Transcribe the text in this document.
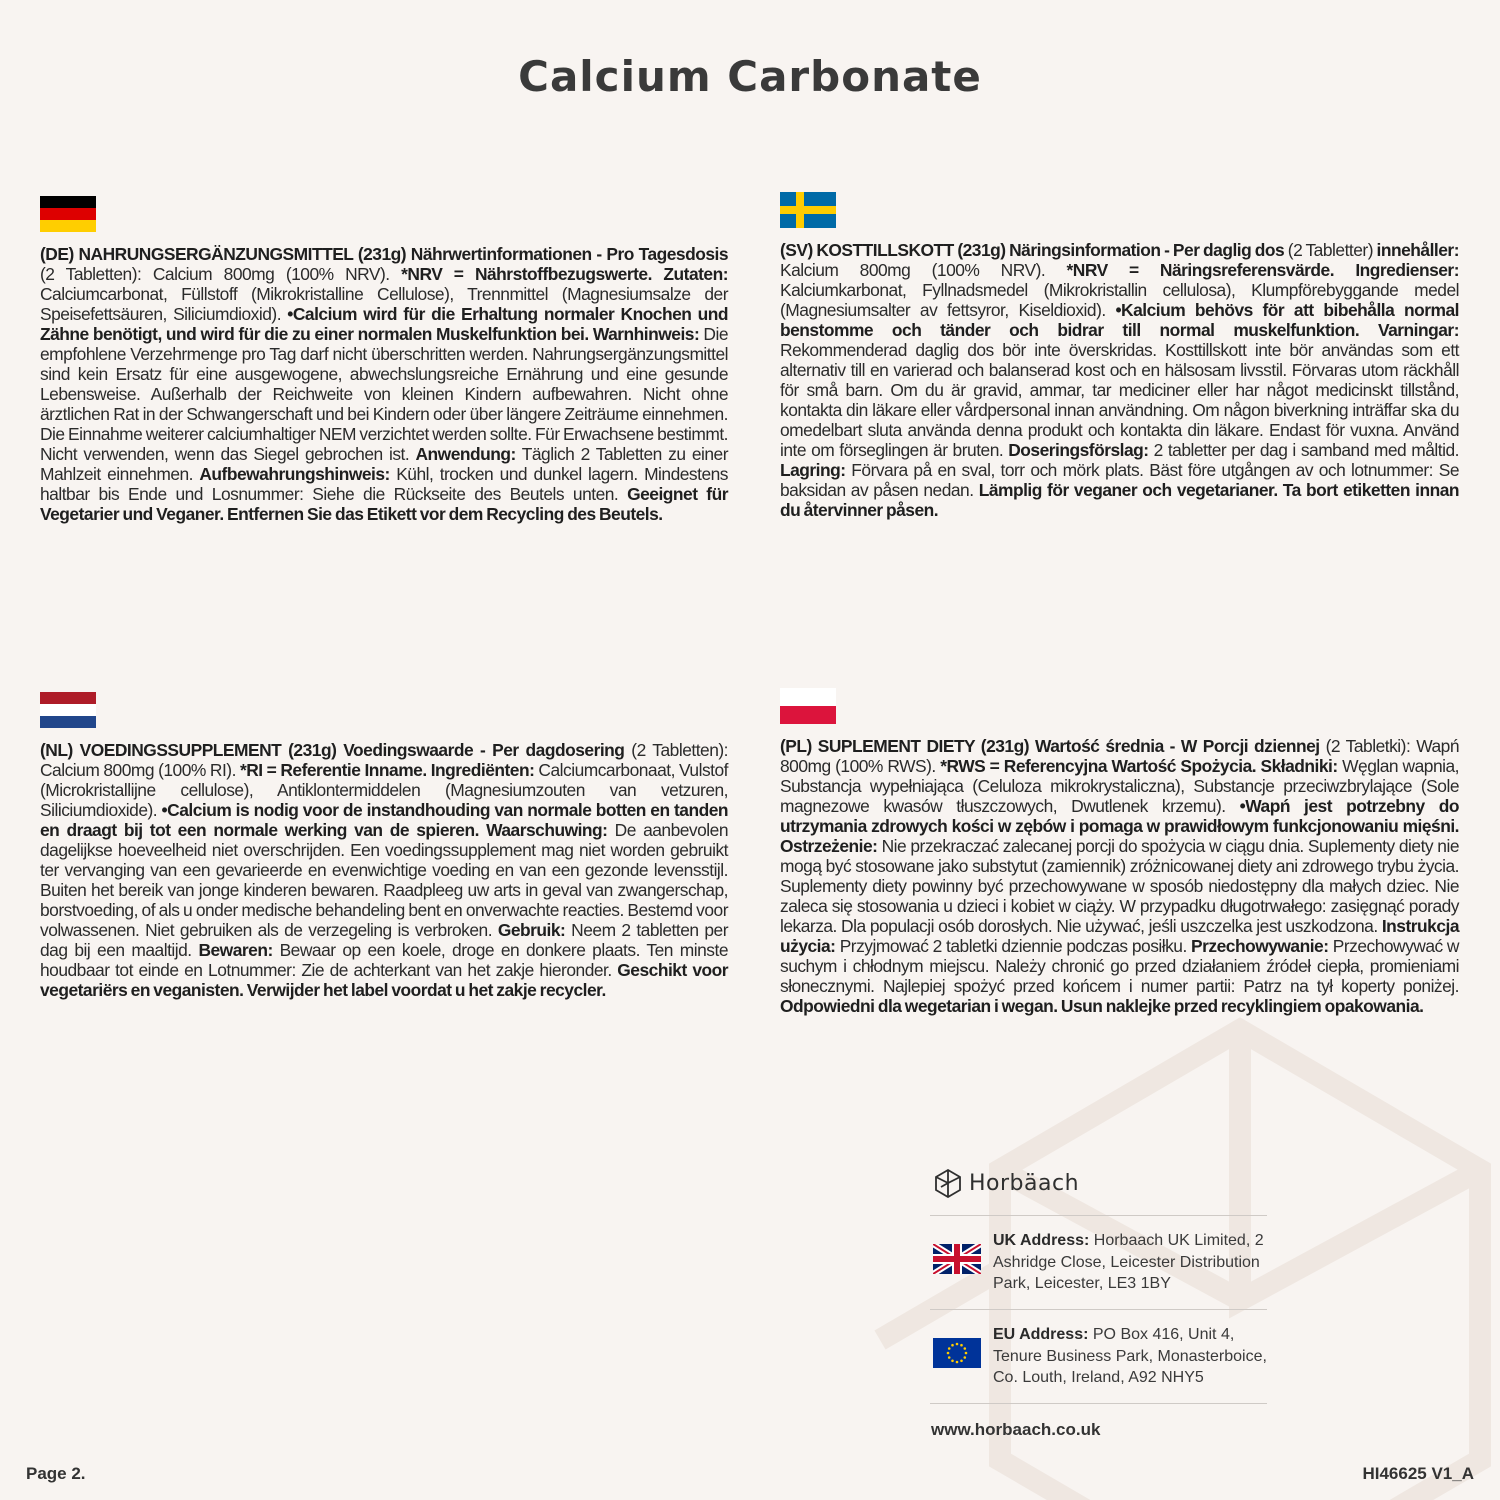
Calcium Carbonate
(DE) NAHRUNGSERGÄNZUNGSMITTEL (231g) Nährwertinformationen - Pro Tagesdosis (2 Tabletten): Calcium 800mg (100% NRV). *NRV = Nährstoffbezugswerte. Zutaten: Calciumcarbonat, Füllstoff (Mikrokristalline Cellulose), Trennmittel (Magnesiumsalze der Speisefettsäuren, Siliciumdioxid). •Calcium wird für die Erhaltung normaler Knochen und Zähne benötigt, und wird für die zu einer normalen Muskelfunktion bei. Warnhinweis: Die empfohlene Verzehrmenge pro Tag darf nicht überschritten werden. Nahrungsergänzungsmittel sind kein Ersatz für eine ausgewogene, abwechslungsreiche Ernährung und eine gesunde Lebensweise. Außerhalb der Reichweite von kleinen Kindern aufbewahren. Nicht ohne ärztlichen Rat in der Schwangerschaft und bei Kindern oder über längere Zeiträume einnehmen. Die Einnahme weiterer calciumhaltiger NEM verzichtet werden sollte. Für Erwachsene bestimmt. Nicht verwenden, wenn das Siegel gebrochen ist. Anwendung: Täglich 2 Tabletten zu einer Mahlzeit einnehmen. Aufbewahrungshinweis: Kühl, trocken und dunkel lagern. Mindestens haltbar bis Ende und Losnummer: Siehe die Rückseite des Beutels unten. Geeignet für Vegetarier und Veganer. Entfernen Sie das Etikett vor dem Recycling des Beutels.
(SV) KOSTTILLSKOTT (231g) Näringsinformation - Per daglig dos (2 Tabletter) innehåller: Kalcium 800mg (100% NRV). *NRV = Näringsreferensvärde. Ingredienser: Kalciumkarbonat, Fyllnadsmedel (Mikrokristallin cellulosa), Klumpförebyggande medel (Magnesiumsalter av fettsyror, Kiseldioxid). •Kalcium behövs för att bibehålla normal benstomme och tänder och bidrar till normal muskelfunktion. Varningar: Rekommenderad daglig dos bör inte överskridas. Kosttillskott inte bör användas som ett alternativ till en varierad och balanserad kost och en hälsosam livsstil. Förvaras utom räckhåll för små barn. Om du är gravid, ammar, tar mediciner eller har något medicinskt tillstånd, kontakta din läkare eller vårdpersonal innan användning. Om någon biverkning inträffar ska du omedelbart sluta använda denna produkt och kontakta din läkare. Endast för vuxna. Använd inte om förseglingen är bruten. Doseringsförslag: 2 tabletter per dag i samband med måltid. Lagring: Förvara på en sval, torr och mörk plats. Bäst före utgången av och lotnummer: Se baksidan av påsen nedan. Lämplig för veganer och vegetarianer. Ta bort etiketten innan du återvinner påsen.
(NL) VOEDINGSSUPPLEMENT (231g) Voedingswaarde - Per dagdosering (2 Tabletten): Calcium 800mg (100% RI). *RI = Referentie Inname. Ingrediënten: Calciumcarbonaat, Vulstof (Microkristallijne cellulose), Antiklontermiddelen (Magnesiumzouten van vetzuren, Siliciumdioxide). •Calcium is nodig voor de instandhouding van normale botten en tanden en draagt bij tot een normale werking van de spieren. Waarschuwing: De aanbevolen dagelijkse hoeveelheid niet overschrijden. Een voedingssupplement mag niet worden gebruikt ter vervanging van een gevarieerde en evenwichtige voeding en van een gezonde levensstijl. Buiten het bereik van jonge kinderen bewaren. Raadpleeg uw arts in geval van zwangerschap, borstvoeding, of als u onder medische behandeling bent en onverwachte reacties. Bestemd voor volwassenen. Niet gebruiken als de verzegeling is verbroken. Gebruik: Neem 2 tabletten per dag bij een maaltijd. Bewaren: Bewaar op een koele, droge en donkere plaats. Ten minste houdbaar tot einde en Lotnummer: Zie de achterkant van het zakje hieronder. Geschikt voor vegetariërs en veganisten. Verwijder het label voordat u het zakje recycler.
(PL) SUPLEMENT DIETY (231g) Wartość średnia - W Porcji dziennej (2 Tabletki): Wapń 800mg (100% RWS). *RWS = Referencyjna Wartość Spożycia. Składniki: Węglan wapnia, Substancja wypełniająca (Celuloza mikrokrystaliczna), Substancje przeciwzbrylające (Sole magnezowe kwasów tłuszczowych, Dwutlenek krzemu). •Wapń jest potrzebny do utrzymania zdrowych kości w zębów i pomaga w prawidłowym funkcjonowaniu mięśni. Ostrzeżenie: Nie przekraczać zalecanej porcji do spożycia w ciągu dnia. Suplementy diety nie mogą być stosowane jako substytut (zamiennik) zróżnicowanej diety ani zdrowego trybu życia. Suplementy diety powinny być przechowywane w sposób niedostępny dla małych dziec. Nie zaleca się stosowania u dzieci i kobiet w ciąży. W przypadku długotrwałego: zasięgnąć porady lekarza. Dla populacji osób dorosłych. Nie używać, jeśli uszczelka jest uszkodzona. Instrukcja użycia: Przyjmować 2 tabletki dziennie podczas posiłku. Przechowywanie: Przechowywać w suchym i chłodnym miejscu. Należy chronić go przed działaniem źródeł ciepła, promieniami słonecznymi. Najlepiej spożyć przed końcem i numer partii: Patrz na tył koperty poniżej. Odpowiedni dla wegetarian i wegan. Usun naklejke przed recyklingiem opakowania.
Horbäach
UK Address: Horbaach UK Limited, 2 Ashridge Close, Leicester Distribution Park, Leicester, LE3 1BY
EU Address: PO Box 416, Unit 4, Tenure Business Park, Monasterboice, Co. Louth, Ireland, A92 NHY5
www.horbaach.co.uk
Page 2.	HI46625 V1_A
